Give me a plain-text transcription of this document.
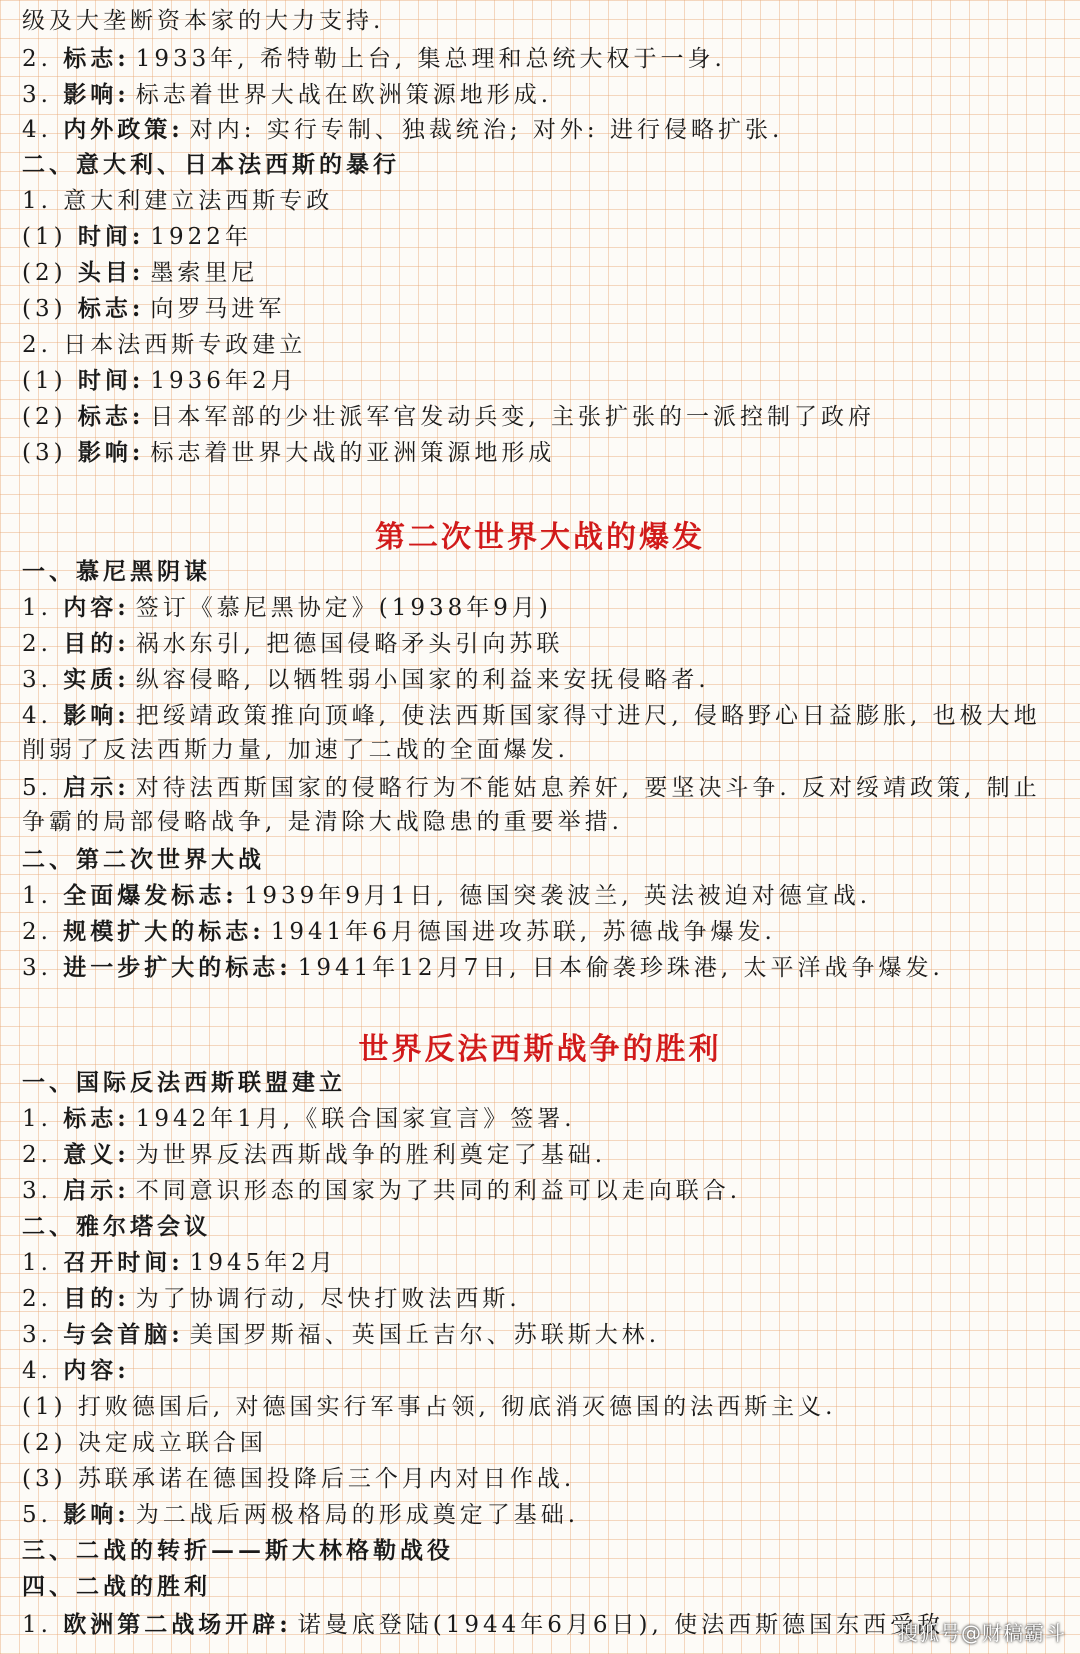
级及大垄断资本家的大力支持.
2. 标志: 1933年, 希特勒上台, 集总理和总统大权于一身.
3. 影响: 标志着世界大战在欧洲策源地形成.
4. 内外政策: 对内: 实行专制、独裁统治; 对外: 进行侵略扩张.
二、意大利、日本法西斯的暴行
1. 意大利建立法西斯专政
(1) 时间: 1922年
(2) 头目: 墨索里尼
(3) 标志: 向罗马进军
2. 日本法西斯专政建立
(1) 时间: 1936年2月
(2) 标志: 日本军部的少壮派军官发动兵变, 主张扩张的一派控制了政府
(3) 影响: 标志着世界大战的亚洲策源地形成
第二次世界大战的爆发
一、慕尼黑阴谋
1. 内容: 签订《慕尼黑协定》(1938年9月)
2. 目的: 祸水东引, 把德国侵略矛头引向苏联
3. 实质: 纵容侵略, 以牺牲弱小国家的利益来安抚侵略者.
4. 影响: 把绥靖政策推向顶峰, 使法西斯国家得寸进尺, 侵略野心日益膨胀, 也极大地削弱了反法西斯力量, 加速了二战的全面爆发.
5. 启示: 对待法西斯国家的侵略行为不能姑息养奸, 要坚决斗争. 反对绥靖政策, 制止争霸的局部侵略战争, 是清除大战隐患的重要举措.
二、第二次世界大战
1. 全面爆发标志: 1939年9月1日, 德国突袭波兰, 英法被迫对德宣战.
2. 规模扩大的标志: 1941年6月德国进攻苏联, 苏德战争爆发.
3. 进一步扩大的标志: 1941年12月7日, 日本偷袭珍珠港, 太平洋战争爆发.
世界反法西斯战争的胜利
一、国际反法西斯联盟建立
1. 标志: 1942年1月,《联合国家宣言》签署.
2. 意义: 为世界反法西斯战争的胜利奠定了基础.
3. 启示: 不同意识形态的国家为了共同的利益可以走向联合.
二、雅尔塔会议
1. 召开时间: 1945年2月
2. 目的: 为了协调行动, 尽快打败法西斯.
3. 与会首脑: 美国罗斯福、英国丘吉尔、苏联斯大林.
4. 内容:
(1) 打败德国后, 对德国实行军事占领, 彻底消灭德国的法西斯主义.
(2) 决定成立联合国
(3) 苏联承诺在德国投降后三个月内对日作战.
5. 影响: 为二战后两极格局的形成奠定了基础.
三、二战的转折——斯大林格勒战役
四、二战的胜利
1. 欧洲第二战场开辟: 诺曼底登陆(1944年6月6日), 使法西斯德国东西受敌
搜狐号@财稿霸斗
